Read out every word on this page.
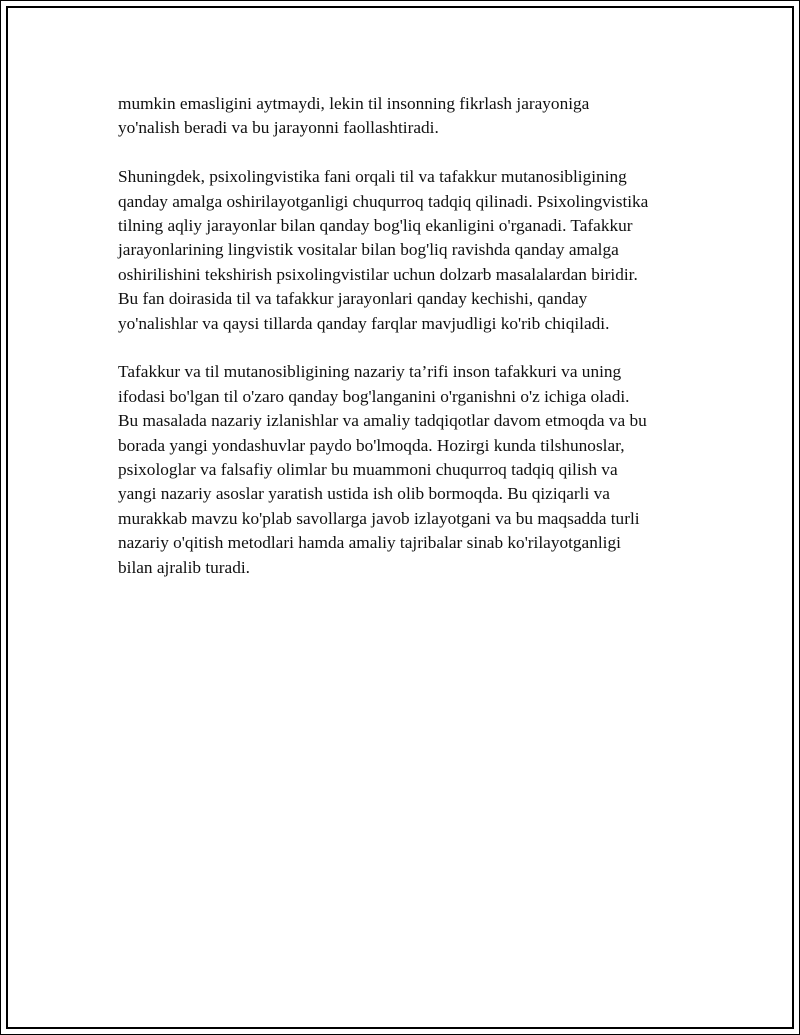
mumkin emasligini aytmaydi, lekin til insonning fikrlash jarayoniga
yo'nalish beradi va bu jarayonni faollashtiradi.

Shuningdek, psixolingvistika fani orqali til va tafakkur mutanosibligining
qanday amalga oshirilayotganligi chuqurroq tadqiq qilinadi. Psixolingvistika
tilning aqliy jarayonlar bilan qanday bog'liq ekanligini o'rganadi. Tafakkur
jarayonlarining lingvistik vositalar bilan bog'liq ravishda qanday amalga
oshirilishini tekshirish psixolingvistilar uchun dolzarb masalalardan biridir.
Bu fan doirasida til va tafakkur jarayonlari qanday kechishi, qanday
yo'nalishlar va qaysi tillarda qanday farqlar mavjudligi ko'rib chiqiladi.

Tafakkur va til mutanosibligining nazariy ta’rifi inson tafakkuri va uning
ifodasi bo'lgan til o'zaro qanday bog'langanini o'rganishni o'z ichiga oladi.
Bu masalada nazariy izlanishlar va amaliy tadqiqotlar davom etmoqda va bu
borada yangi yondashuvlar paydo bo'lmoqda. Hozirgi kunda tilshunoslar,
psixologlar va falsafiy olimlar bu muammoni chuqurroq tadqiq qilish va
yangi nazariy asoslar yaratish ustida ish olib bormoqda. Bu qiziqarli va
murakkab mavzu ko'plab savollarga javob izlayotgani va bu maqsadda turli
nazariy o'qitish metodlari hamda amaliy tajribalar sinab ko'rilayotganligi
bilan ajralib turadi.
